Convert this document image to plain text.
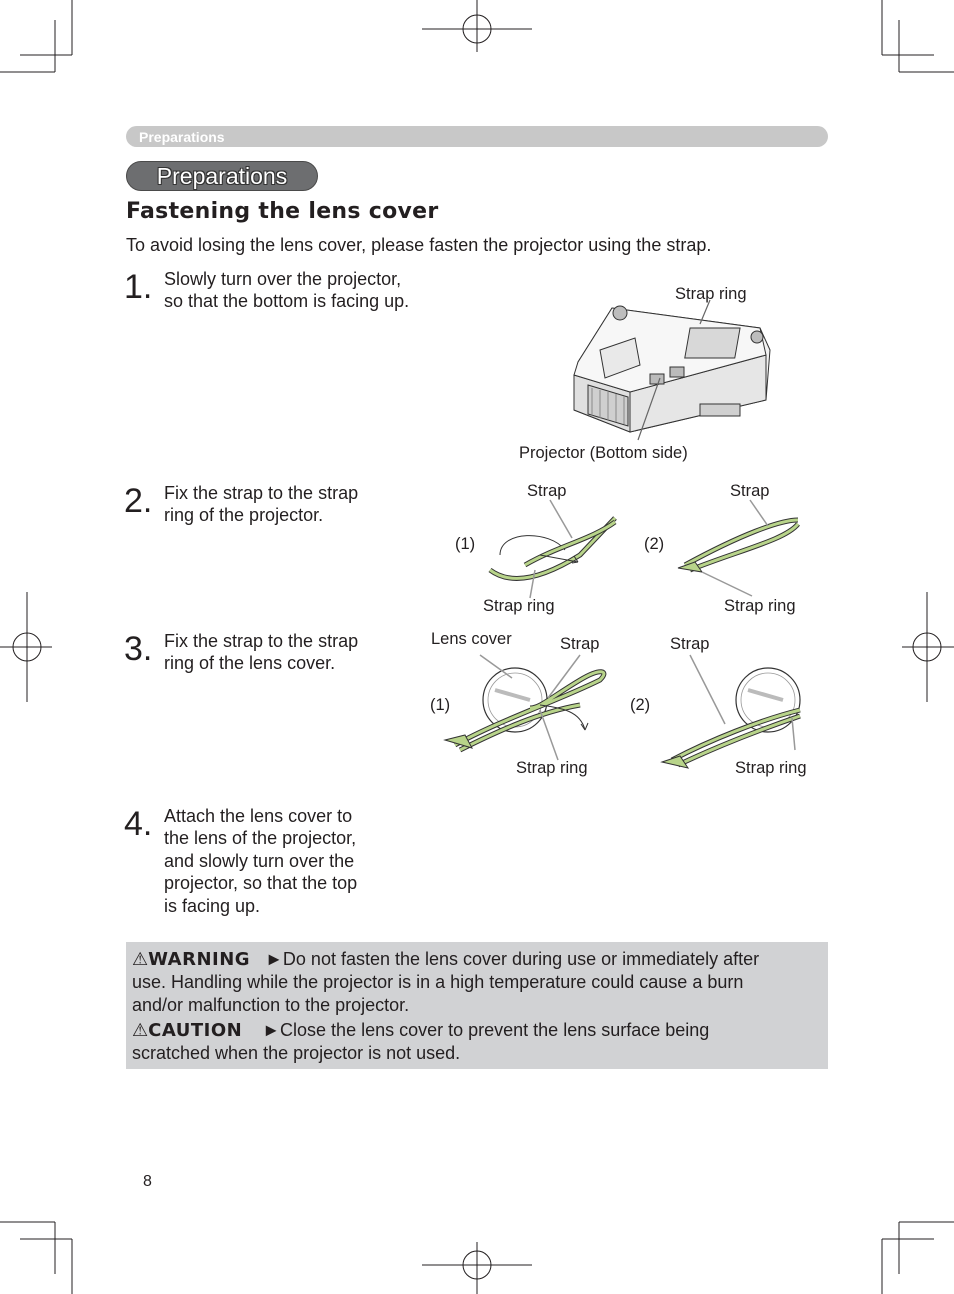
Preparations
Preparations
Fastening the lens cover
To avoid losing the lens cover, please fasten the projector using the strap.
1. Slowly turn over the projector,
so that the bottom is facing up.
2. Fix the strap to the strap
ring of the projector.
3. Fix the strap to the strap
ring of the lens cover.
4. Attach the lens cover to
the lens of the projector,
and slowly turn over the
projector, so that the top
is facing up.
Strap ring
Projector (Bottom side)
(1)	(2)
Strap	Strap
Strap ring	Strap ring
Lens cover
(1)	(2)
Strap	Strap
Strap ring	Strap ring

⚠WARNING ►Do not fasten the lens cover during use or immediately after
use. Handling while the projector is in a high temperature could cause a burn
and/or malfunction to the projector.

⚠CAUTION ►Close the lens cover to prevent the lens surface being
scratched when the projector is not used.

8
